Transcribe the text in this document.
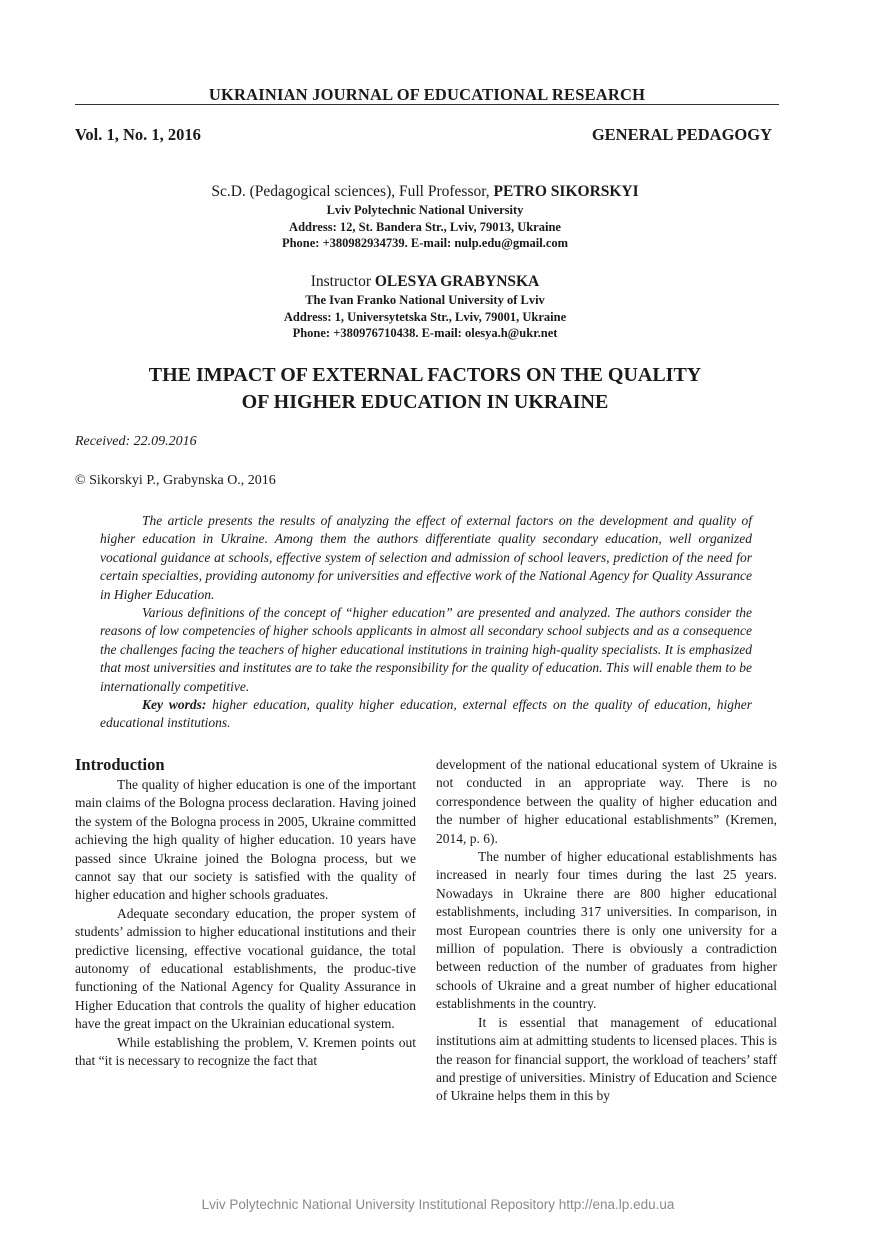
UKRAINIAN JOURNAL OF EDUCATIONAL RESEARCH
Vol. 1, No. 1, 2016	GENERAL PEDAGOGY
Sc.D. (Pedagogical sciences), Full Professor, PETRO SIKORSKYI
Lviv Polytechnic National University
Address: 12, St. Bandera Str., Lviv, 79013, Ukraine
Phone: +380982934739. E-mail: nulp.edu@gmail.com
Instructor OLESYA GRABYNSKA
The Ivan Franko National University of Lviv
Address: 1, Universytetska Str., Lviv, 79001, Ukraine
Phone: +380976710438. E-mail: olesya.h@ukr.net
THE IMPACT OF EXTERNAL FACTORS ON THE QUALITY
OF HIGHER EDUCATION IN UKRAINE
Received: 22.09.2016
© Sikorskyi P., Grabynska O., 2016

The article presents the results of analyzing the effect of external factors on the development and quality of higher education in Ukraine. Among them the authors differentiate quality secondary education, well organized vocational guidance at schools, effective system of selection and admission of school leavers, prediction of the need for certain specialties, providing autonomy for universities and effective work of the National Agency for Quality Assurance in Higher Education.

Various definitions of the concept of “higher education” are presented and analyzed. The authors consider the reasons of low competencies of higher schools applicants in almost all secondary school subjects and as a consequence the challenges facing the teachers of higher educational institutions in training high-quality specialists. It is emphasized that most universities and institutes are to take the responsibility for the quality of education. This will enable them to be internationally competitive.

Key words: higher education, quality higher education, external effects on the quality of education, higher educational institutions.

Introduction

The quality of higher education is one of the important main claims of the Bologna process declaration. Having joined the system of the Bologna process in 2005, Ukraine committed achieving the high quality of higher education. 10 years have passed since Ukraine joined the Bologna process, but we cannot say that our society is satisfied with the quality of higher education and higher schools graduates.

Adequate secondary education, the proper system of students’ admission to higher educational institutions and their predictive licensing, effective vocational guidance, the total autonomy of educational establishments, the produc-tive functioning of the National Agency for Quality Assurance in Higher Education that controls the quality of higher education have the great impact on the Ukrainian educational system.

While establishing the problem, V. Kremen points out that “it is necessary to recognize the fact that

development of the national educational system of Ukraine is not conducted in an appropriate way. There is no correspondence between the quality of higher education and the number of higher educational establishments” (Kremen, 2014, p. 6).

The number of higher educational establishments has increased in nearly four times during the last 25 years. Nowadays in Ukraine there are 800 higher educational establishments, including 317 universities. In comparison, in most European countries there is only one university for a million of population. There is obviously a contradiction between reduction of the number of graduates from higher schools of Ukraine and a great number of higher educational establishments in the country.

It is essential that management of educational institutions aim at admitting students to licensed places. This is the reason for financial support, the workload of teachers’ staff and prestige of universities. Ministry of Education and Science of Ukraine helps them in this by

Lviv Polytechnic National University Institutional Repository http://ena.lp.edu.ua
